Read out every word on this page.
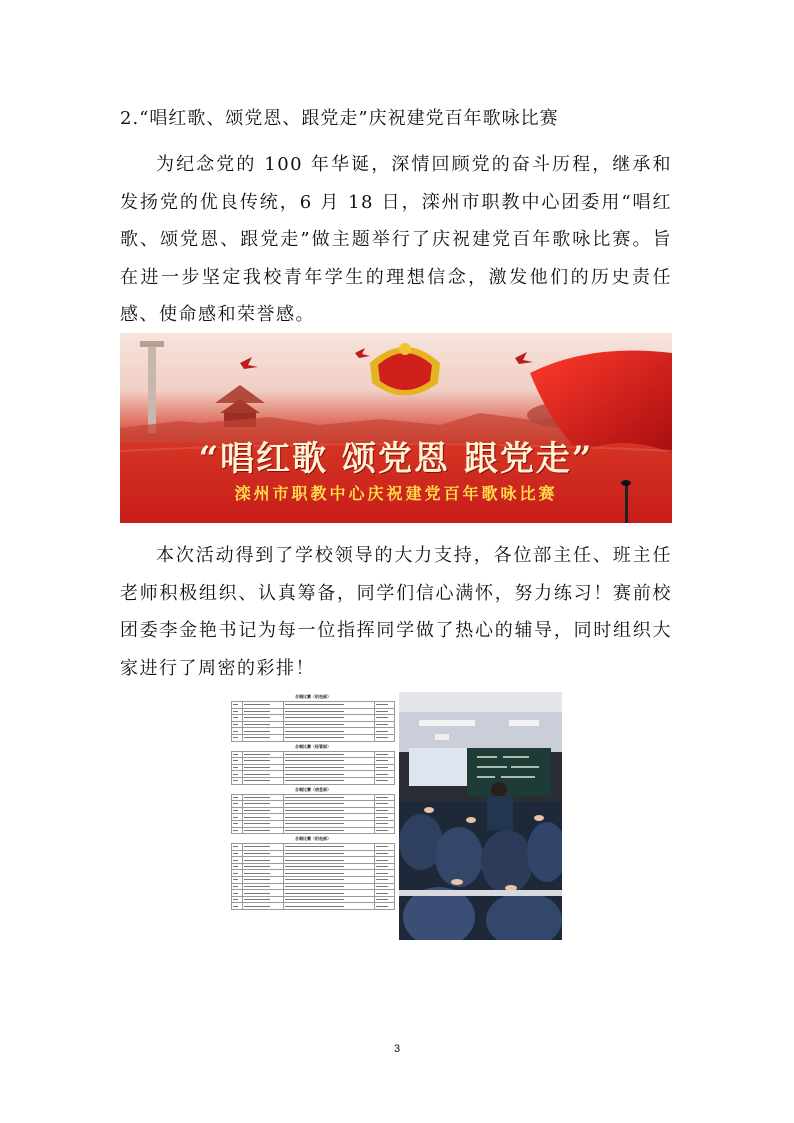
2.“唱红歌、颂党恩、跟党走”庆祝建党百年歌咏比赛
为纪念党的 100 年华诞，深情回顾党的奋斗历程，继承和发扬党的优良传统，6 月 18 日，滦州市职教中心团委用“唱红歌、颂党恩、跟党走”做主题举行了庆祝建党百年歌咏比赛。旨在进一步坚定我校青年学生的理想信念，激发他们的历史责任感、使命感和荣誉感。
“唱红歌 颂党恩 跟党走”
滦州市职教中心庆祝建党百年歌咏比赛
本次活动得到了学校领导的大力支持，各位部主任、班主任老师积极组织、认真筹备，同学们信心满怀，努力练习！赛前校团委李金艳书记为每一位指挥同学做了热心的辅导，同时组织大家进行了周密的彩排！
合唱比赛（机电部）

合唱比赛（经管部）

合唱比赛（信息部）

合唱比赛（机电部）

3
